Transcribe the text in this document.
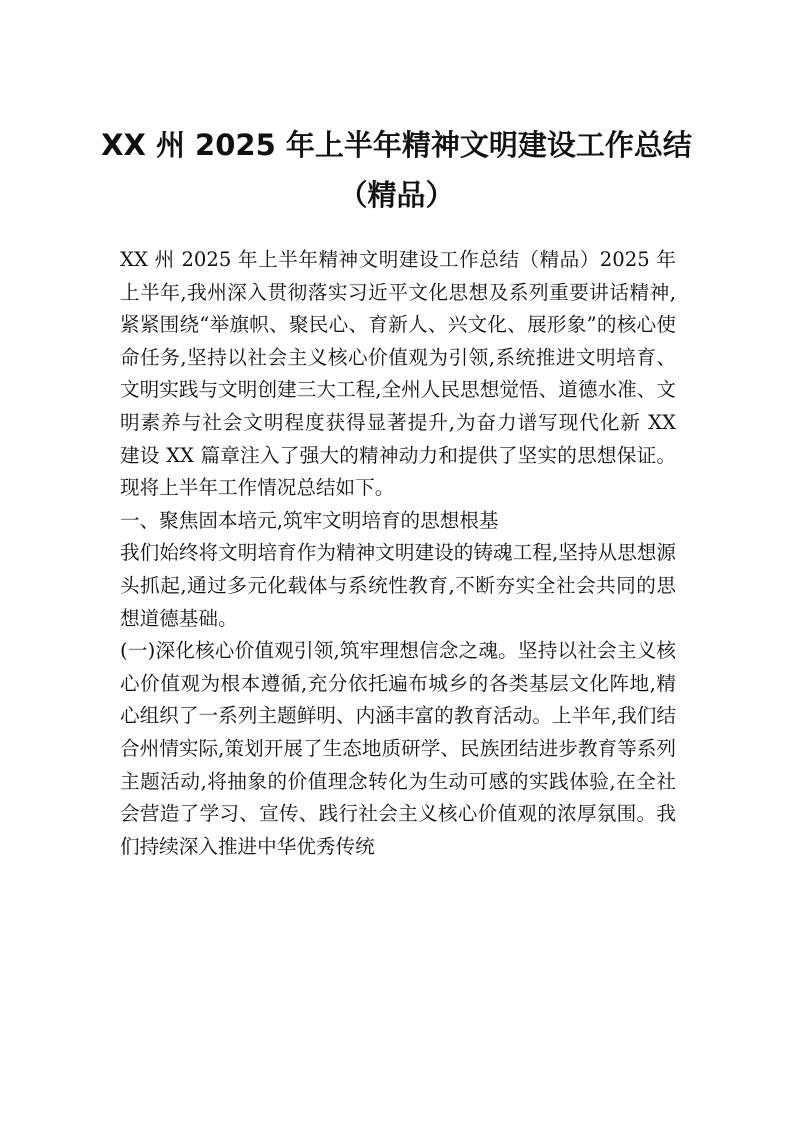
XX 州 2025 年上半年精神文明建设工作总结
（精品）

XX 州 2025 年上半年精神文明建设工作总结（精品）2025 年上半年,我州深入贯彻落实习近平文化思想及系列重要讲话精神,紧紧围绕“举旗帜、聚民心、育新人、兴文化、展形象”的核心使命任务,坚持以社会主义核心价值观为引领,系统推进文明培育、文明实践与文明创建三大工程,全州人民思想觉悟、道德水准、文明素养与社会文明程度获得显著提升,为奋力谱写现代化新 XX 建设 XX 篇章注入了强大的精神动力和提供了坚实的思想保证。现将上半年工作情况总结如下。

一、聚焦固本培元,筑牢文明培育的思想根基

我们始终将文明培育作为精神文明建设的铸魂工程,坚持从思想源头抓起,通过多元化载体与系统性教育,不断夯实全社会共同的思想道德基础。

(一)深化核心价值观引领,筑牢理想信念之魂。坚持以社会主义核心价值观为根本遵循,充分依托遍布城乡的各类基层文化阵地,精心组织了一系列主题鲜明、内涵丰富的教育活动。上半年,我们结合州情实际,策划开展了生态地质研学、民族团结进步教育等系列主题活动,将抽象的价值理念转化为生动可感的实践体验,在全社会营造了学习、宣传、践行社会主义核心价值观的浓厚氛围。我们持续深入推进中华优秀传统
